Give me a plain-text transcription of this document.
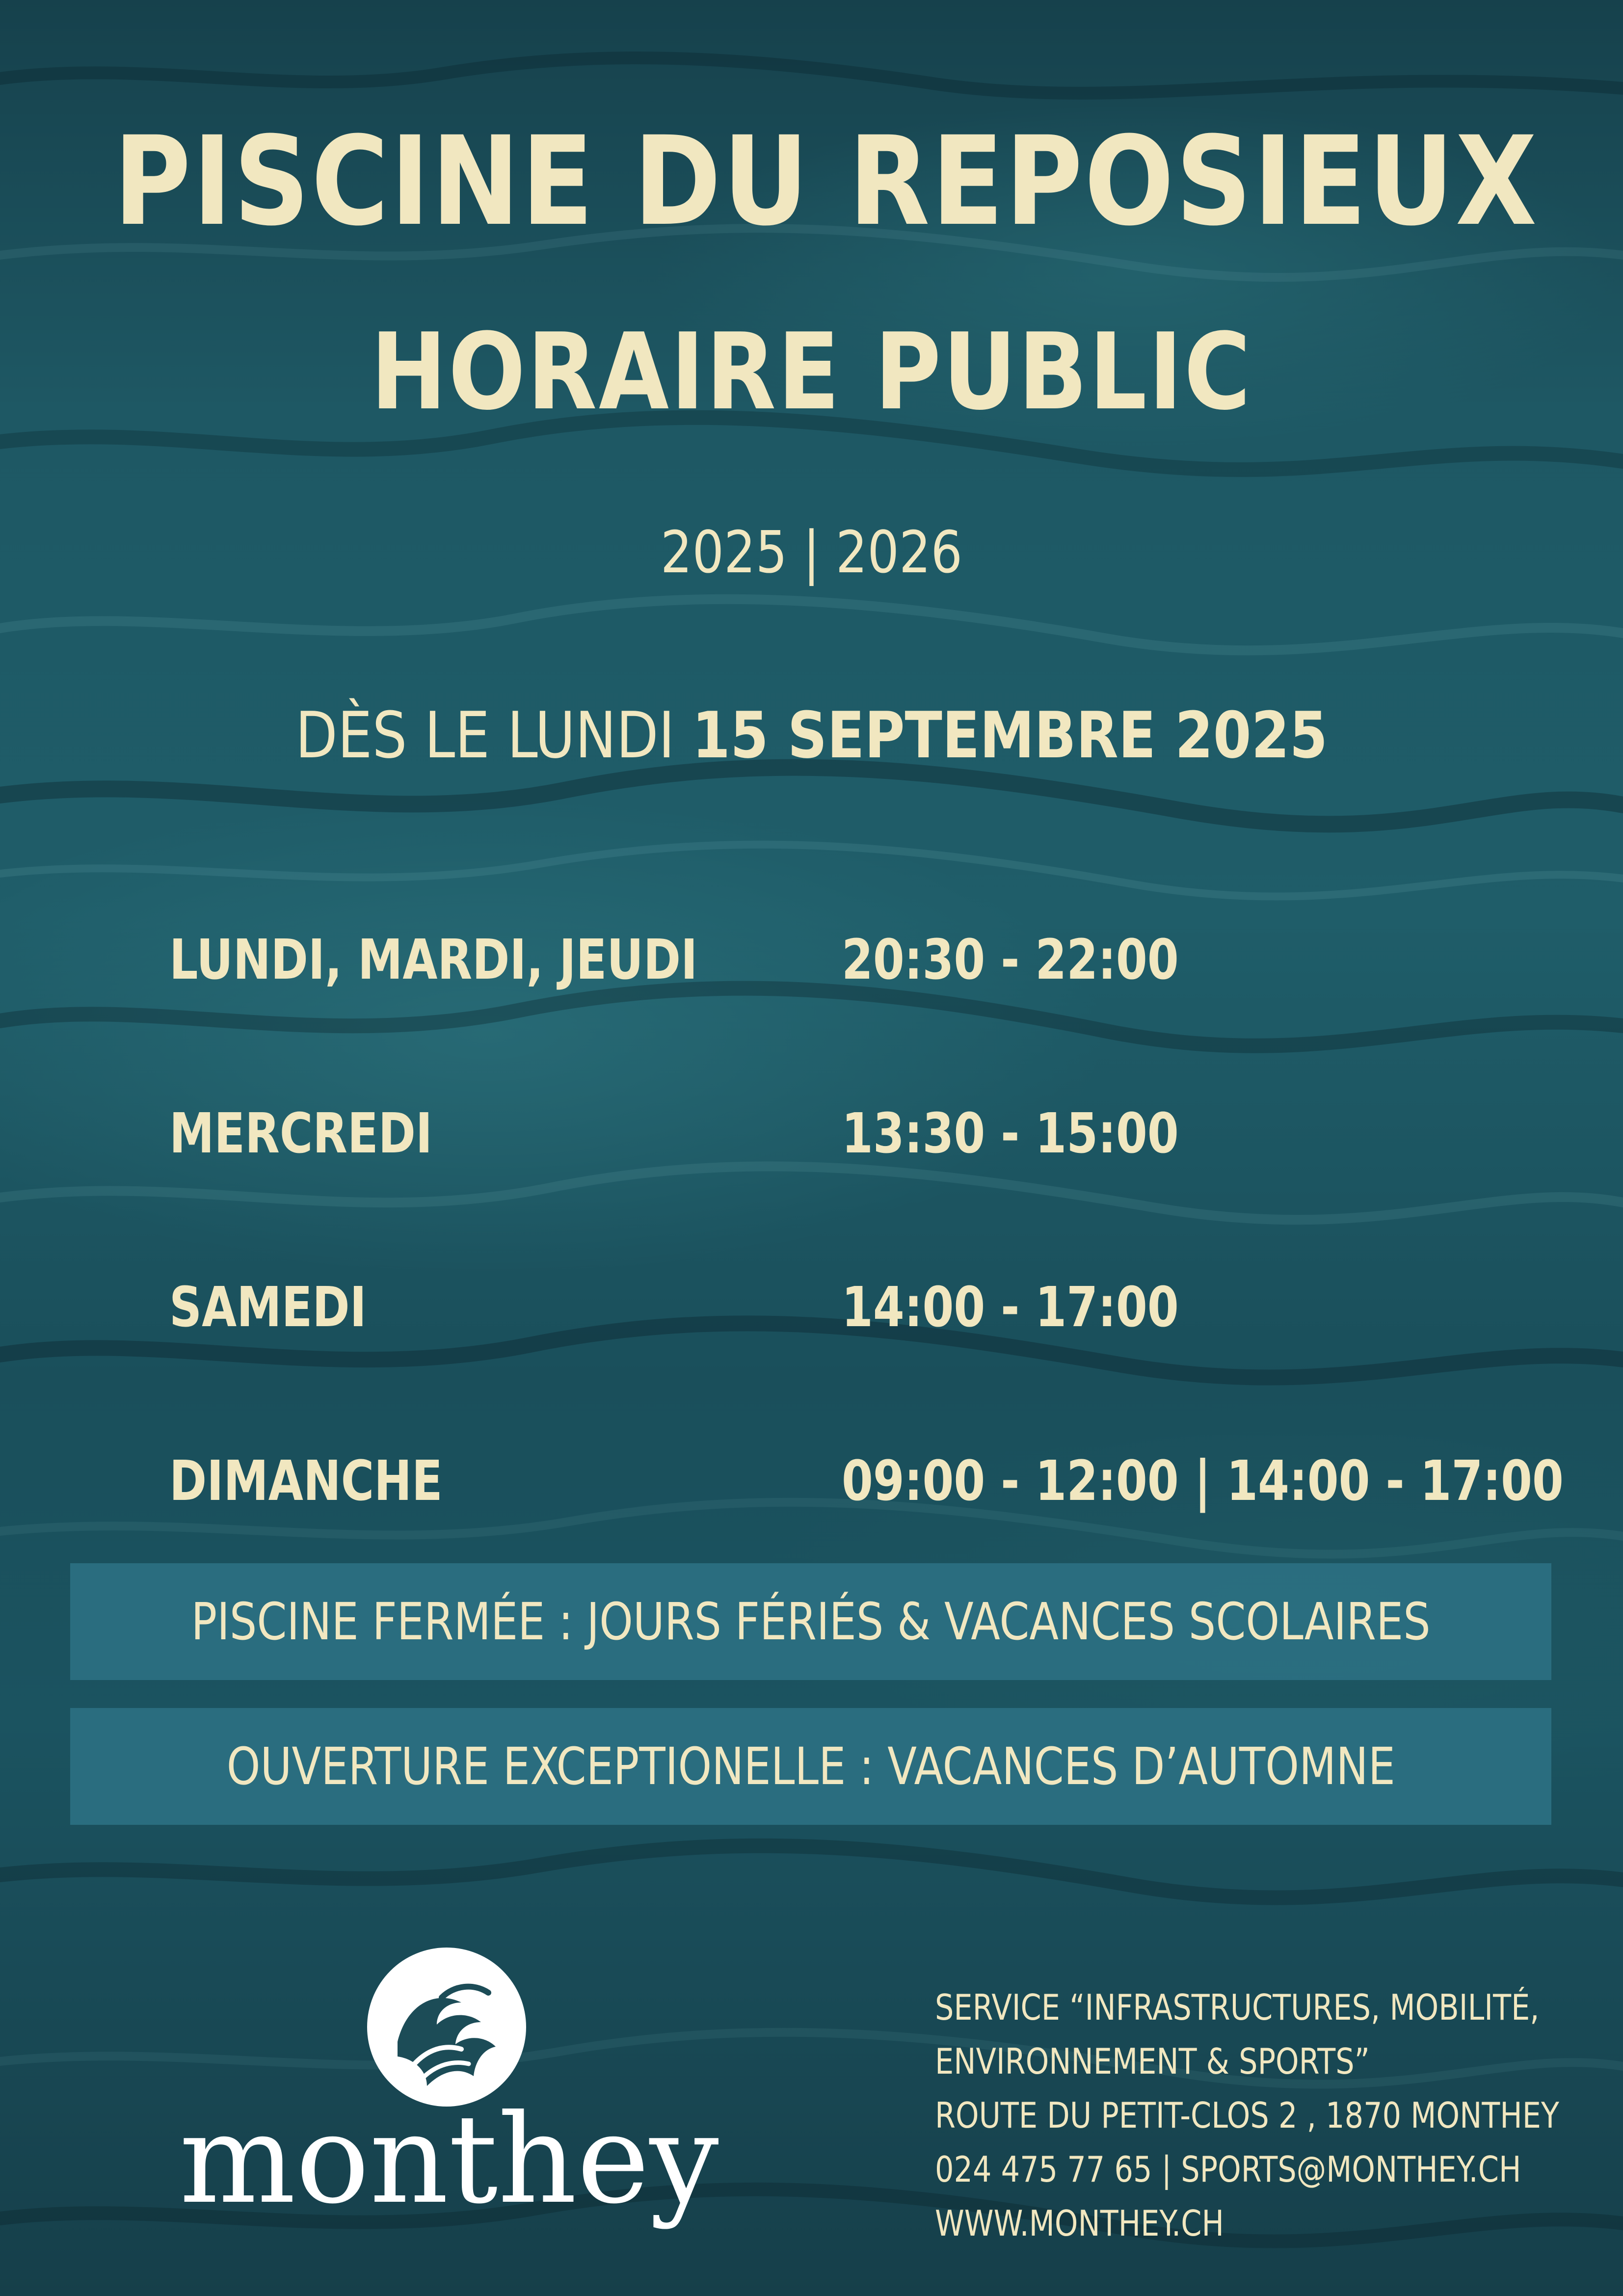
PISCINE DU REPOSIEUX
HORAIRE PUBLIC
2025 | 2026
DÈS LE LUNDI 15 SEPTEMBRE 2025
LUNDI, MARDI, JEUDI	20:30 - 22:00
MERCREDI	13:30 - 15:00
SAMEDI	14:00 - 17:00
DIMANCHE	09:00 - 12:00 | 14:00 - 17:00
PISCINE FERMÉE : JOURS FÉRIÉS & VACANCES SCOLAIRES
OUVERTURE EXCEPTIONELLE : VACANCES D’AUTOMNE
monthey
SERVICE “INFRASTRUCTURES, MOBILITÉ,
ENVIRONNEMENT & SPORTS”
ROUTE DU PETIT-CLOS 2 , 1870 MONTHEY
024 475 77 65 | SPORTS@MONTHEY.CH
WWW.MONTHEY.CH
